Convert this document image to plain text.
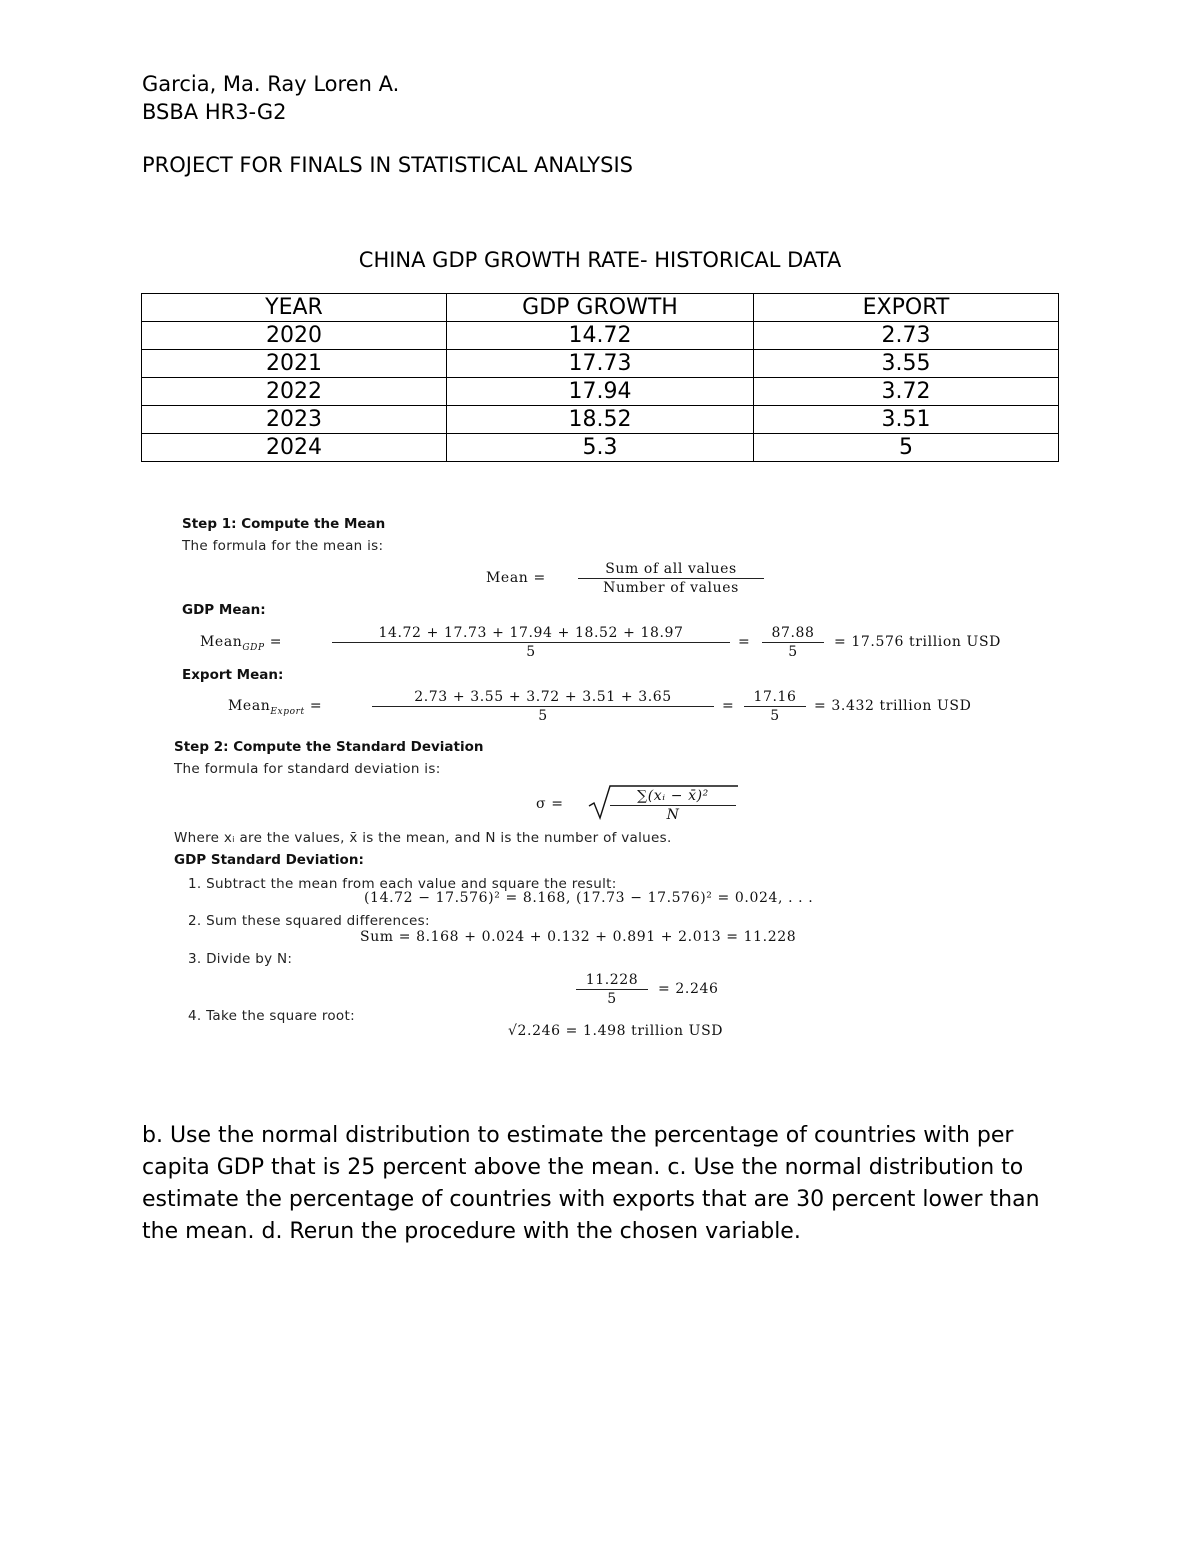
Garcia, Ma. Ray Loren A.
BSBA HR3-G2
PROJECT FOR FINALS IN STATISTICAL ANALYSIS
CHINA GDP GROWTH RATE- HISTORICAL DATA
YEAR	GDP GROWTH	EXPORT
2020	14.72	2.73
2021	17.73	3.55
2022	17.94	3.72
2023	18.52	3.51
2024	5.3	5
Step 1: Compute the Mean
The formula for the mean is:
Mean =
Sum of all values
Number of values
GDP Mean:
Mean$_{GDP}$ =	$\frac{14.72 + 17.73 + 17.94 + 18.52 + 18.97}{5} = \frac{87.88}{5} = 17.576$ trillion USD
Export Mean:
Mean$_{Export}$ =	$\frac{2.73 + 3.55 + 3.72 + 3.51 + 3.65}{5} = \frac{17.16}{5} = 3.432$ trillion USD
Step 2: Compute the Standard Deviation
The formula for standard deviation is:
σ =	$\frac{\text{∑(xᵢ − x̄)²}}{N}$
Where xᵢ are the values, x̄ is the mean, and N is the number of values.
GDP Standard Deviation:
1. Subtract the mean from each value and square the result:
(14.72 − 17.576)² = 8.168, (17.73 − 17.576)² = 0.024, . . .
2. Sum these squared differences:
Sum = 8.168 + 0.024 + 0.132 + 0.891 + 2.013 = 11.228
3. Divide by N:
$\frac{11.228}{5} = 2.246$
4. Take the square root:
√2.246 = 1.498 trillion USD
b. Use the normal distribution to estimate the percentage of countries with per capita GDP that is 25 percent above the mean. c. Use the normal distribution to estimate the percentage of countries with exports that are 30 percent lower than the mean. d. Rerun the procedure with the chosen variable.
